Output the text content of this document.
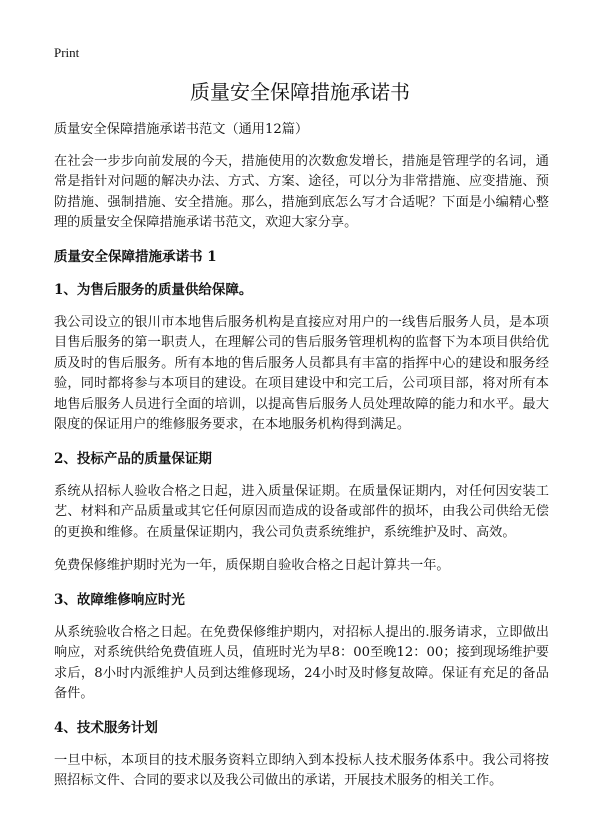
Print
质量安全保障措施承诺书

质量安全保障措施承诺书范文（通用12篇）

在社会一步步向前发展的今天，措施使用的次数愈发增长，措施是管理学的名词，通常是指针对问题的解决办法、方式、方案、途径，可以分为非常措施、应变措施、预防措施、强制措施、安全措施。那么，措施到底怎么写才合适呢？下面是小编精心整理的质量安全保障措施承诺书范文，欢迎大家分享。

质量安全保障措施承诺书 1
1、为售后服务的质量供给保障。

我公司设立的银川市本地售后服务机构是直接应对用户的一线售后服务人员，是本项目售后服务的第一职责人，在理解公司的售后服务管理机构的监督下为本项目供给优质及时的售后服务。所有本地的售后服务人员都具有丰富的指挥中心的建设和服务经验，同时都将参与本项目的建设。在项目建设中和完工后，公司项目部，将对所有本地售后服务人员进行全面的培训，以提高售后服务人员处理故障的能力和水平。最大限度的保证用户的维修服务要求，在本地服务机构得到满足。

2、投标产品的质量保证期

系统从招标人验收合格之日起，进入质量保证期。在质量保证期内，对任何因安装工艺、材料和产品质量或其它任何原因而造成的设备或部件的损坏，由我公司供给无偿的更换和维修。在质量保证期内，我公司负责系统维护，系统维护及时、高效。

免费保修维护期时光为一年，质保期自验收合格之日起计算共一年。

3、故障维修响应时光

从系统验收合格之日起。在免费保修维护期内，对招标人提出的.服务请求，立即做出响应，对系统供给免费值班人员，值班时光为早8：00至晚12：00；接到现场维护要求后，8小时内派维护人员到达维修现场，24小时及时修复故障。保证有充足的备品备件。

4、技术服务计划

一旦中标，本项目的技术服务资料立即纳入到本投标人技术服务体系中。我公司将按照招标文件、合同的要求以及我公司做出的承诺，开展技术服务的相关工作。
